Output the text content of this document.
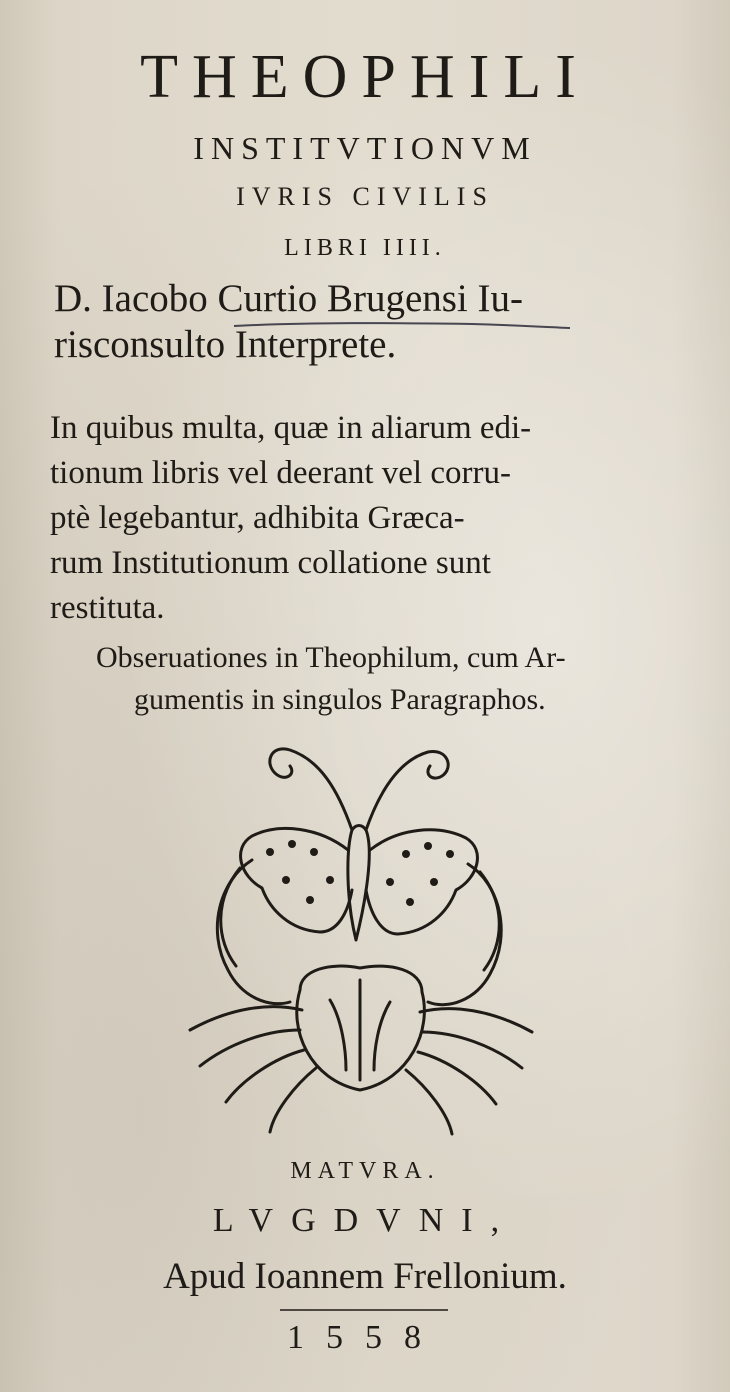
THEOPHILI
INSTITVTIONVM
IVRIS CIVILIS
LIBRI IIII.
D. Iacobo Curtio Brugensi Iu-
risconsulto Interprete.
In quibus multa, quæ in aliarum edi-
tionum libris vel deerant vel corru-
ptè legebantur, adhibita Græca-
rum Institutionum collatione sunt
restituta.
Obseruationes in Theophilum, cum Ar-
gumentis in singulos Paragraphos.
MATVRA.
LVGDVNI,
Apud Ioannem Frellonium.
1558
